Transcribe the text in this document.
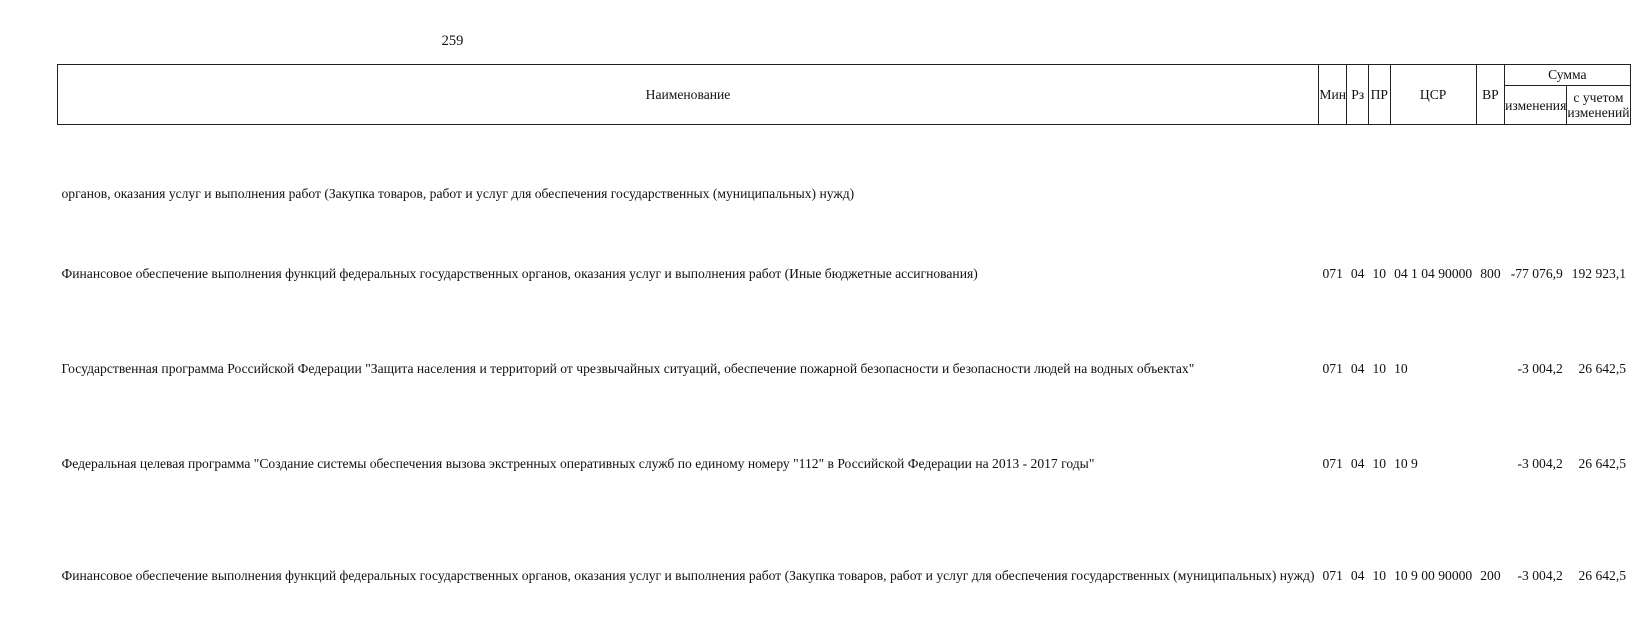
259
Наименование	Мин	Рз	ПР	ЦСР	ВР	Сумма	
						изменения	с учетом изменений
органов, оказания услуг и выполнения работ (Закупка товаров, работ и услуг для обеспечения государственных (муниципальных) нужд)							
Финансовое обеспечение выполнения функций федеральных государственных органов, оказания услуг и выполнения работ (Иные бюджетные ассигнования)	071	04	10	04 1 04 90000	800	-77 076,9	192 923,1
Государственная программа Российской Федерации "Защита населения и территорий от чрезвычайных ситуаций, обеспечение пожарной безопасности и безопасности людей на водных объектах"	071	04	10	10		-3 004,2	26 642,5
Федеральная целевая программа "Создание системы обеспечения вызова экстренных оперативных служб по единому номеру "112" в Российской Федерации на 2013 - 2017 годы"	071	04	10	10 9		-3 004,2	26 642,5
Финансовое обеспечение выполнения функций федеральных государственных органов, оказания услуг и выполнения работ (Закупка товаров, работ и услуг для обеспечения государственных (муниципальных) нужд)	071	04	10	10 9 00 90000	200	-3 004,2	26 642,5
